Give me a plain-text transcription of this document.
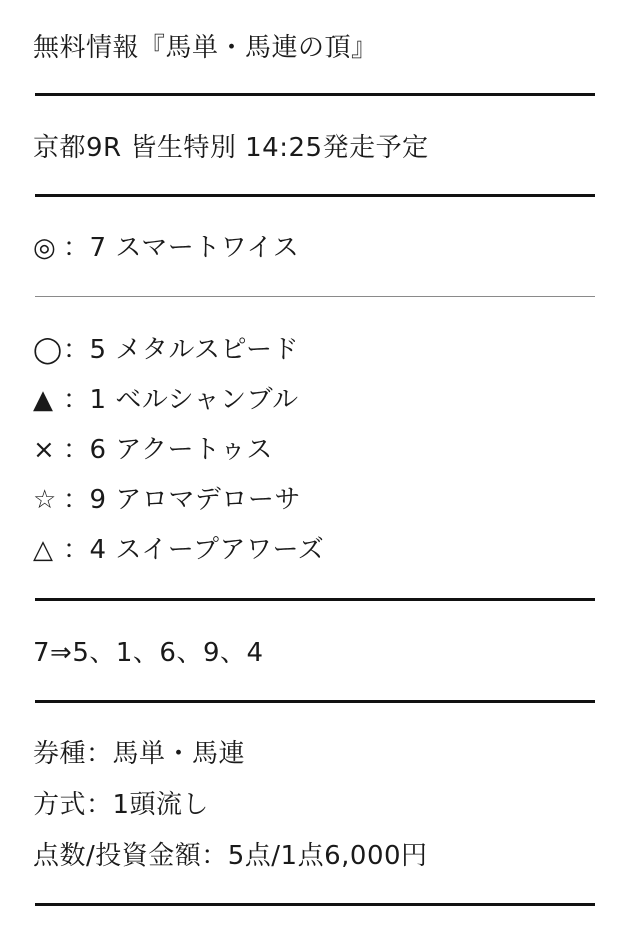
無料情報『馬単・馬連の頂』
京都9R 皆生特別 14:25発走予定
◎ ：7 スマートワイス
◯：5 メタルスピード
▲ ：1 ベルシャンブル
× ：6 アクートゥス
☆ ：9 アロマデローサ
△ ：4 スイープアワーズ
7⇒5、1、6、9、4
券種：馬単・馬連
方式：1頭流し
点数/投資金額：5点/1点6,000円
